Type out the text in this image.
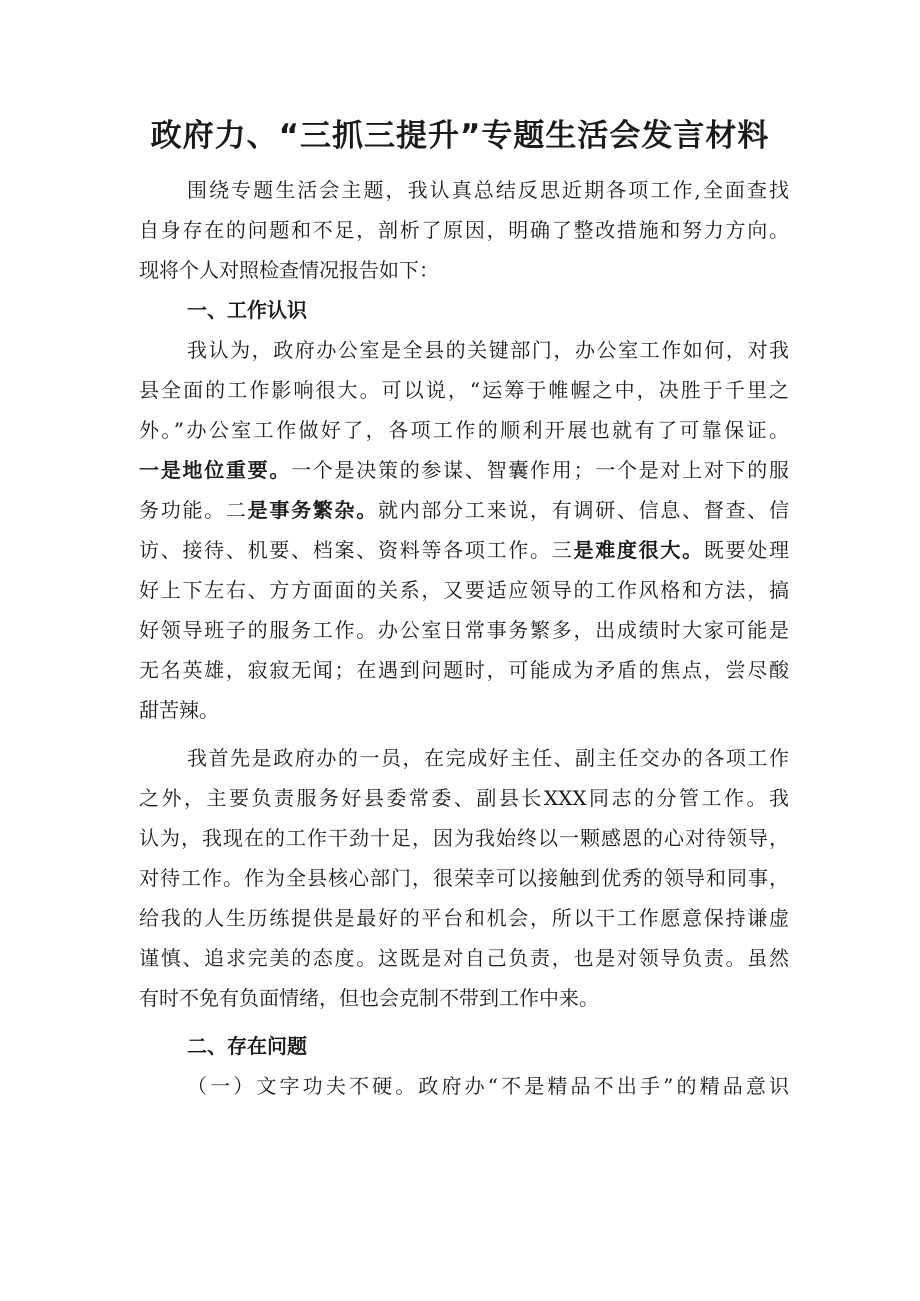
政府力、“三抓三提升”专题生活会发言材料
围绕专题生活会主题，我认真总结反思近期各项工作,全面查找
自身存在的问题和不足，剖析了原因，明确了整改措施和努力方向。
现将个人对照检查情况报告如下：
一、工作认识
我认为，政府办公室是全县的关键部门，办公室工作如何，对我
县全面的工作影响很大。可以说，“运筹于帷幄之中，决胜于千里之
外。”办公室工作做好了，各项工作的顺利开展也就有了可靠保证。
一是地位重要。一个是决策的参谋、智囊作用；一个是对上对下的服
务功能。二是事务繁杂。就内部分工来说，有调研、信息、督查、信
访、接待、机要、档案、资料等各项工作。三是难度很大。既要处理
好上下左右、方方面面的关系，又要适应领导的工作风格和方法，搞
好领导班子的服务工作。办公室日常事务繁多，出成绩时大家可能是
无名英雄，寂寂无闻；在遇到问题时，可能成为矛盾的焦点，尝尽酸
甜苦辣。
我首先是政府办的一员，在完成好主任、副主任交办的各项工作
之外，主要负责服务好县委常委、副县长XXX同志的分管工作。我
认为，我现在的工作干劲十足，因为我始终以一颗感恩的心对待领导，
对待工作。作为全县核心部门，很荣幸可以接触到优秀的领导和同事，
给我的人生历练提供是最好的平台和机会，所以干工作愿意保持谦虚
谨慎、追求完美的态度。这既是对自己负责，也是对领导负责。虽然
有时不免有负面情绪，但也会克制不带到工作中来。
二、存在问题
（一）文字功夫不硬。政府办“不是精品不出手”的精品意识
